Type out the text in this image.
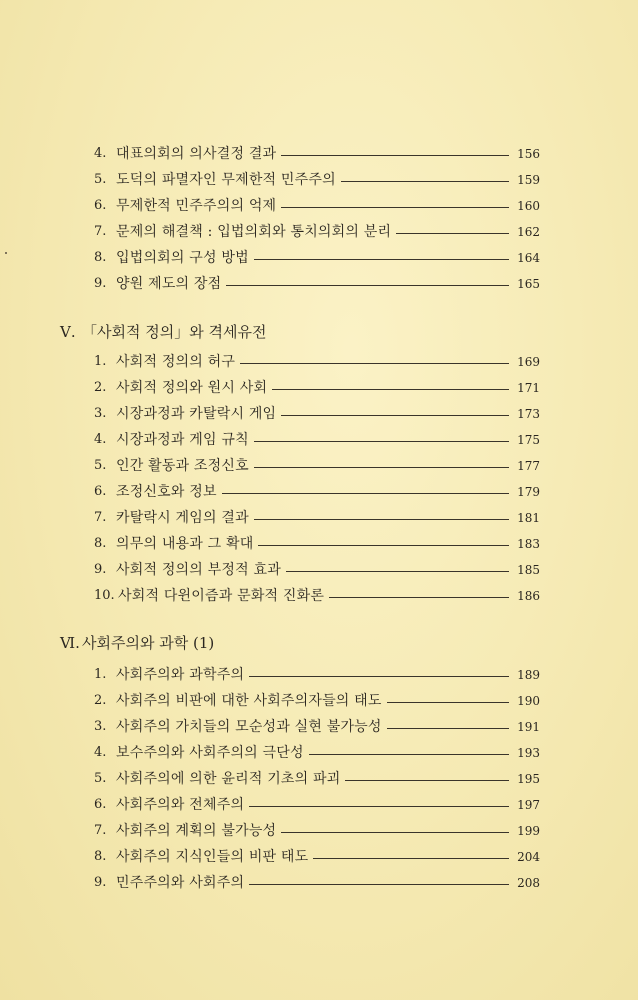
4. 대표의회의 의사결정 결과	156
5. 도덕의 파멸자인 무제한적 민주주의	159
6. 무제한적 민주주의의 억제	160
7. 문제의 해결책 : 입법의회와 통치의회의 분리	162
8. 입법의회의 구성 방법	164
9. 양원 제도의 장점	165
Ⅴ. 「사회적 정의」와 격세유전
1. 사회적 정의의 허구	169
2. 사회적 정의와 원시 사회	171
3. 시장과정과 카탈락시 게임	173
4. 시장과정과 게임 규칙	175
5. 인간 활동과 조정신호	177
6. 조정신호와 정보	179
7. 카탈락시 게임의 결과	181
8. 의무의 내용과 그 확대	183
9. 사회적 정의의 부정적 효과	185
10. 사회적 다윈이즘과 문화적 진화론	186
Ⅵ. 사회주의와 과학 (1)
1. 사회주의와 과학주의	189
2. 사회주의 비판에 대한 사회주의자들의 태도	190
3. 사회주의 가치들의 모순성과 실현 불가능성	191
4. 보수주의와 사회주의의 극단성	193
5. 사회주의에 의한 윤리적 기초의 파괴	195
6. 사회주의와 전체주의	197
7. 사회주의 계획의 불가능성	199
8. 사회주의 지식인들의 비판 태도	204
9. 민주주의와 사회주의	208
